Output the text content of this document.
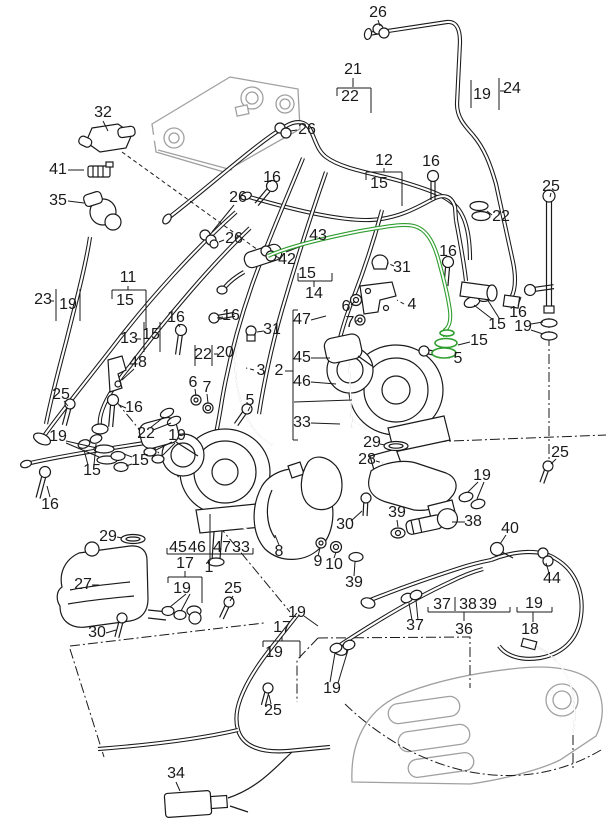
26
21
22	19 24
32
26
12 16
41	16	15	25
26
35
22
43
26
16
42	31
15
11
14
23 19 15	4
6
16
16	16
47 7	15 19
31
13 15	15
22 20
48	45	5
3 2
46
6 7
25	5
16
33
22
19	19	29
25
28
15
15	19
16	39
38
30	40
29
45 46 47 33 8
9 10
17 1
44
39
27	19 25
19
37 38 39
19
37 36	18
17
30
19
19
25
34
